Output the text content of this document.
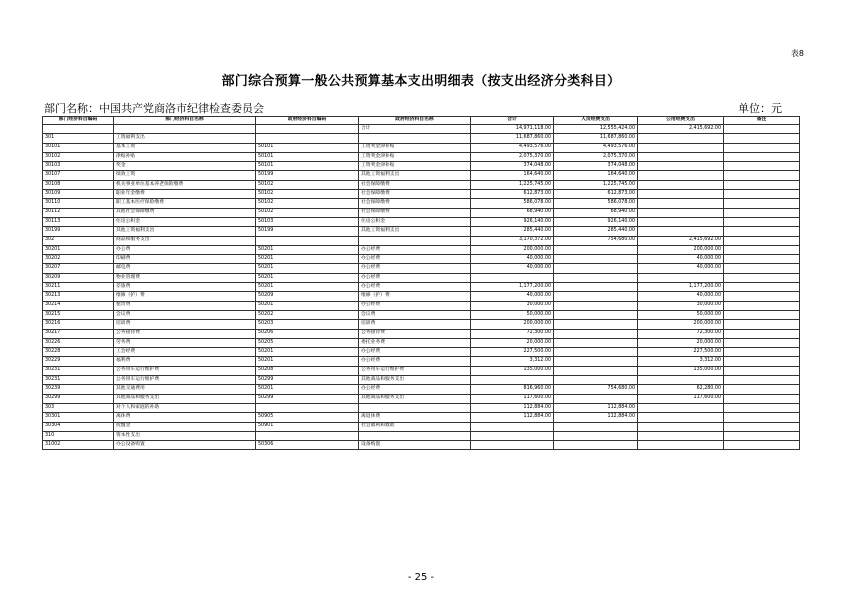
表8
部门综合预算一般公共预算基本支出明细表（按支出经济分类科目）
部门名称：中国共产党商洛市纪律检查委员会	单位：元
部门经济科目编码	部门经济科目名称	政府经济科目编码	政府经济科目名称	合计	人员经费支出	公用经费支出	备注
			合计	14,971,118.00	12,555,424.00	2,415,692.00	
301	工资福利支出			11,687,860.00	11,687,860.00		
30101	基本工资	50101	工资奖金津补贴	4,493,576.00	4,493,576.00		
30102	津贴补贴	50101	工资奖金津补贴	2,075,370.00	2,075,370.00		
30103	奖金	50101	工资奖金津补贴	374,048.00	374,048.00		
30107	绩效工资	50199	其他工资福利支出	164,640.00	164,640.00		
30108	机关事业单位基本养老保险缴费	50102	社会保障缴费	1,225,745.00	1,225,745.00		
30109	职业年金缴费	50102	社会保障缴费	612,873.00	612,873.00		
30110	职工基本医疗保险缴费	50102	社会保障缴费	586,078.00	586,078.00		
30112	其他社会保障缴费	50102	社会保障缴费	68,940.00	68,940.00		
30113	住房公积金	50103	住房公积金	926,140.00	926,140.00		
30199	其他工资福利支出	50199	其他工资福利支出	285,440.00	285,440.00		
302	商品和服务支出			3,170,372.00	754,680.00	2,415,692.00	
30201	办公费	50201	办公经费	200,000.00		200,000.00	
30202	印刷费	50201	办公经费	40,000.00		40,000.00	
30207	邮电费	50201	办公经费	40,000.00		40,000.00	
30209	物业管理费	50201	办公经费				
30211	差旅费	50201	办公经费	1,177,200.00		1,177,200.00	
30213	维修（护）费	50209	维修（护）费	40,000.00		40,000.00	
30214	租赁费	50201	办公经费	30,000.00		30,000.00	
30215	会议费	50202	会议费	50,000.00		50,000.00	
30216	培训费	50203	培训费	200,000.00		200,000.00	
30217	公务接待费	50206	公务接待费	72,300.00		72,300.00	
30226	劳务费	50205	委托业务费	20,000.00		20,000.00	
30228	工会经费	50201	办公经费	227,500.00		227,500.00	
30229	福利费	50201	办公经费	3,312.00		3,312.00	
30231	公务用车运行维护费	50208	公务用车运行维护费	135,000.00		135,000.00	
30231	公务用车运行维护费	50299	其他商品和服务支出				
30239	其他交通费用	50201	办公经费	816,960.00	754,680.00	62,280.00	
30299	其他商品和服务支出	50299	其他商品和服务支出	117,600.00		117,600.00	
303	对个人和家庭的补助			112,884.00	112,884.00		
30301	离休费	50905	离退休费	112,884.00	112,884.00		
30304	抚恤金	50901	社会福利和救助				
310	资本性支出						
31002	办公设备购置	50306	设备购置				
- 25 -
